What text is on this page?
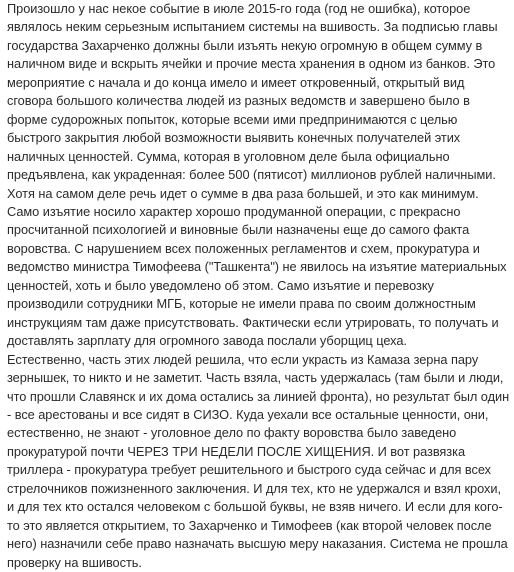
Произошло у нас некое событие в июле 2015-го года (год не ошибка), которое являлось неким серьезным испытанием системы на вшивость. За подписью главы государства Захарченко должны были изъять некую огромную в общем сумму в наличном виде и вскрыть ячейки и прочие места хранения в одном из банков. Это мероприятие с начала и до конца имело и имеет откровенный, открытый вид сговора большого количества людей из разных ведомств и завершено было в форме судорожных попыток, которые всеми ими предпринимаются с целью быстрого закрытия любой возможности выявить конечных получателей этих наличных ценностей. Сумма, которая в уголовном деле была официально предъявлена, как украденная: более 500 (пятисот) миллионов рублей наличными. Хотя на самом деле речь идет о сумме в два раза большей, и это как минимум. Само изъятие носило характер хорошо продуманной операции, с прекрасно просчитанной психологией и виновные были назначены еще до самого факта воровства. С нарушением всех положенных регламентов и схем, прокуратура и ведомство министра Тимофеева ("Ташкента") не явилось на изъятие материальных ценностей, хоть и было уведомлено об этом. Само изъятие и перевозку производили сотрудники МГБ, которые не имели права по своим должностным инструкциям там даже присутствовать. Фактически если утрировать, то получать и доставлять зарплату для огромного завода послали уборщиц цеха.

Естественно, часть этих людей решила, что если украсть из Камаза зерна пару зернышек, то никто и не заметит. Часть взяла, часть удержалась (там были и люди, что прошли Славянск и их дома остались за линией фронта), но результат был один - все арестованы и все сидят в СИЗО. Куда уехали все остальные ценности, они, естественно, не знают - уголовное дело по факту воровства было заведено прокуратурой почти ЧЕРЕЗ ТРИ НЕДЕЛИ ПОСЛЕ ХИЩЕНИЯ. И вот развязка триллера - прокуратура требует решительного и быстрого суда сейчас и для всех стрелочников пожизненного заключения. И для тех, кто не удержался и взял крохи, и для тех кто остался человеком с большой буквы, не взяв ничего. И если для кого-то это является открытием, то Захарченко и Тимофеев (как второй человек после него) назначили себе право назначать высшую меру наказания. Система не прошла проверку на вшивость.
